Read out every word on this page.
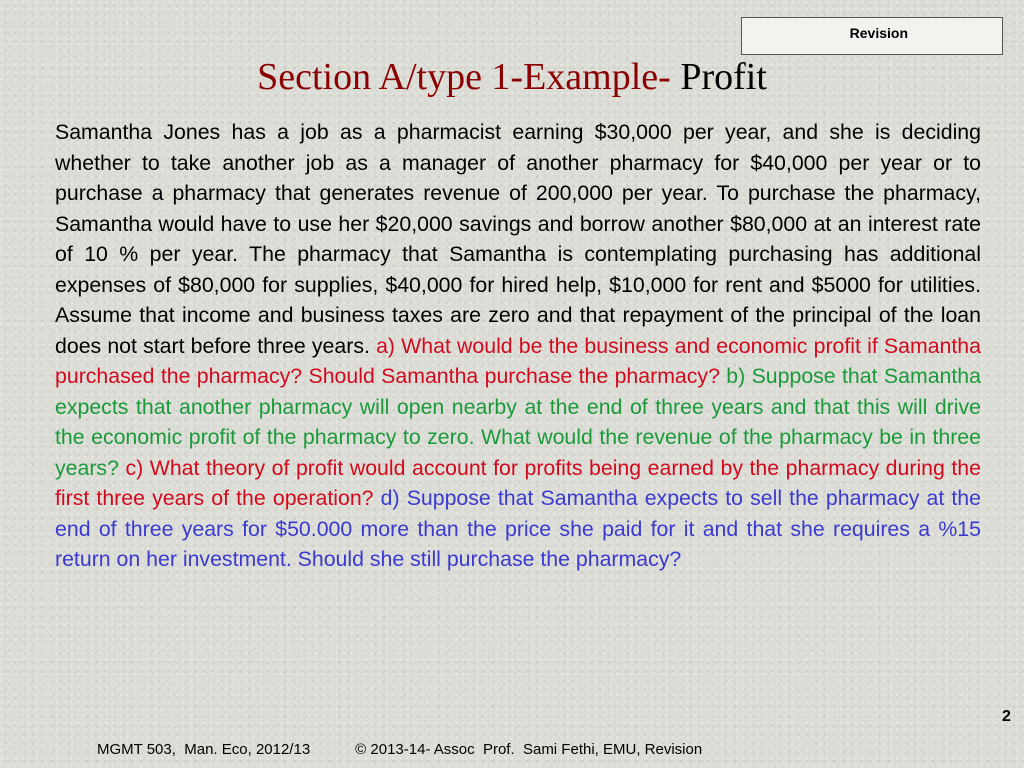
Revision
Section A/type 1-Example- Profit
Samantha Jones has a job as a pharmacist earning $30,000 per year, and she is deciding whether to take another job as a manager of another pharmacy for $40,000 per year or to purchase a pharmacy that generates revenue of 200,000 per year. To purchase the pharmacy, Samantha would have to use her $20,000 savings and borrow another $80,000 at an interest rate of 10 % per year. The pharmacy that Samantha is contemplating purchasing has additional expenses of $80,000 for supplies, $40,000 for hired help, $10,000 for rent and $5000 for utilities. Assume that income and business taxes are zero and that repayment of the principal of the loan does not start before three years. a) What would be the business and economic profit if Samantha purchased the pharmacy? Should Samantha purchase the pharmacy? b) Suppose that Samantha expects that another pharmacy will open nearby at the end of three years and that this will drive the economic profit of the pharmacy to zero. What would the revenue of the pharmacy be in three years? c) What theory of profit would account for profits being earned by the pharmacy during the first three years of the operation? d) Suppose that Samantha expects to sell the pharmacy at the end of three years for $50.000 more than the price she paid for it and that she requires a %15 return on her investment. Should she still purchase the pharmacy?
2
MGMT 503,  Man. Eco, 2012/13	© 2013-14- Assoc  Prof.  Sami Fethi, EMU, Revision
